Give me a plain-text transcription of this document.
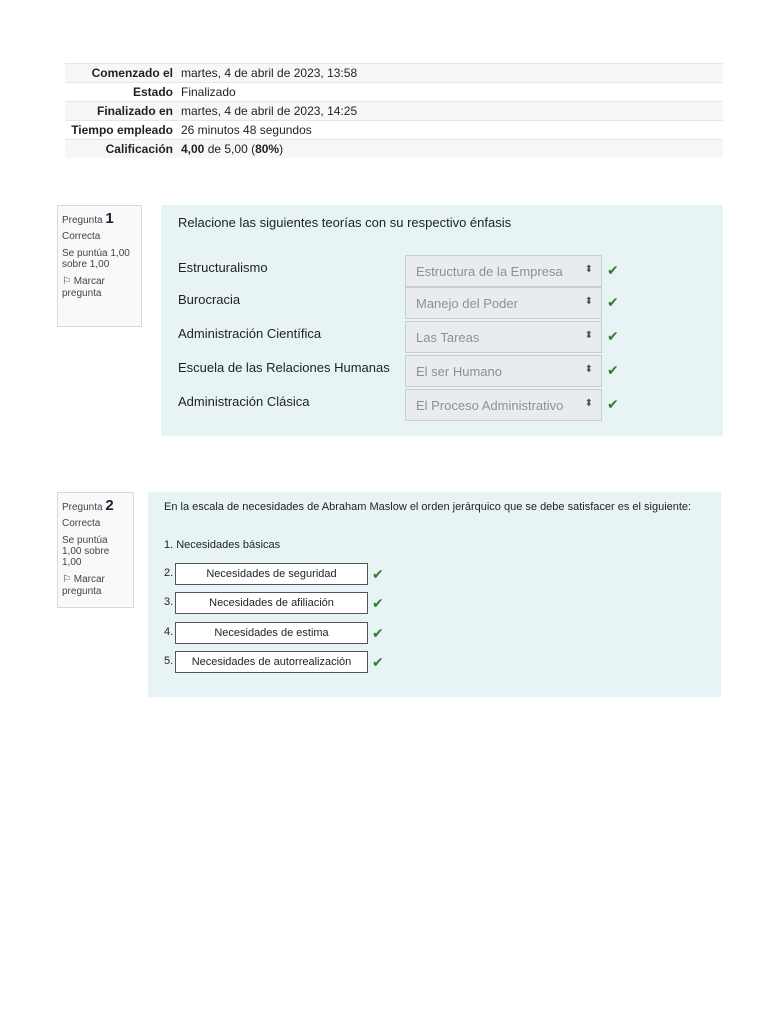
Comenzado el	martes, 4 de abril de 2023, 13:58
Estado	Finalizado
Finalizado en	martes, 4 de abril de 2023, 14:25
Tiempo empleado	26 minutos 48 segundos
Calificación	4,00 de 5,00 (80%)
Pregunta 1
Correcta
Se puntúa 1,00 sobre 1,00
⚐ Marcar pregunta
Relacione las siguientes teorías con su respectivo énfasis
Estructuralismo	Estructura de la Empresa ⬍ ✔
Burocracia	Manejo del Poder	⬍ ✔
Administración Científica	Las Tareas	⬍ ✔
Escuela de las Relaciones Humanas	El ser Humano	⬍ ✔
Administración Clásica	El Proceso Administrativo ⬍ ✔
Pregunta 2
Correcta
Se puntúa 1,00 sobre 1,00
⚐ Marcar pregunta
En la escala de necesidades de Abraham Maslow el orden jerárquico que se debe satisfacer es el siguiente:
1. Necesidades básicas
2.	Necesidades de seguridad	✔
3.	Necesidades de afiliación	✔
4.	Necesidades de estima	✔
5.	Necesidades de autorrealización	✔
